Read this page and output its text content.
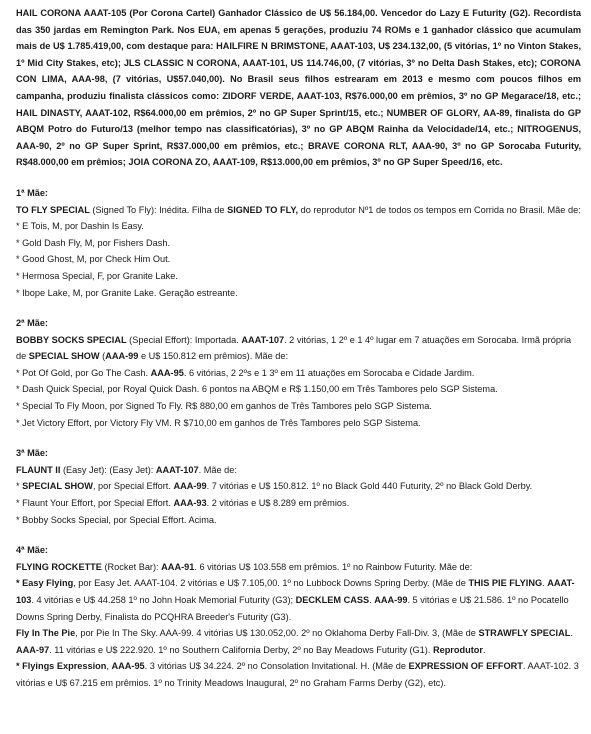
HAIL CORONA AAAT-105 (Por Corona Cartel) Ganhador Clássico de U$ 56.184,00. Vencedor do Lazy E Futurity (G2). Recordista das 350 jardas em Remington Park. Nos EUA, em apenas 5 gerações, produziu 74 ROMs e 1 ganhador clássico que acumulam mais de U$ 1.785.419,00, com destaque para: HAILFIRE N BRIMSTONE, AAAT-103, U$ 234.132,00, (5 vitórias, 1º no Vinton Stakes, 1º Mid City Stakes, etc); JLS CLASSIC N CORONA, AAAT-101, US 114.746,00, (7 vitórias, 3º no Delta Dash Stakes, etc); CORONA CON LIMA, AAA-98, (7 vitórias, U$57.040,00). No Brasil seus filhos estrearam em 2013 e mesmo com poucos filhos em campanha, produziu finalista clássicos como: ZIDORF VERDE, AAAT-103, R$76.000,00 em prêmios, 3º no GP Megarace/18, etc.; HAIL DINASTY, AAAT-102, R$64.000,00 em prêmios, 2º no GP Super Sprint/15, etc.; NUMBER OF GLORY, AA-89, finalista do GP ABQM Potro do Futuro/13 (melhor tempo nas classificatórias), 3º no GP ABQM Rainha da Velocidade/14, etc.; NITROGENUS, AAA-90, 2º no GP Super Sprint, R$37.000,00 em prêmios, etc.; BRAVE CORONA RLT, AAA-90, 3º no GP Sorocaba Futurity, R$48.000,00 em prêmios; JOIA CORONA ZO, AAAT-109, R$13.000,00 em prêmios, 3º no GP Super Speed/16, etc.

1ª Mãe:

TO FLY SPECIAL (Signed To Fly): Inédita. Filha de SIGNED TO FLY, do reprodutor Nº1 de todos os tempos em Corrida no Brasil. Mãe de:

* E Tois, M, por Dashin Is Easy.

* Gold Dash Fly, M, por Fishers Dash.

* Good Ghost, M, por Check Him Out.

* Hermosa Special, F, por Granite Lake.

* Ibope Lake, M, por Granite Lake. Geração estreante.

2ª Mãe:

BOBBY SOCKS SPECIAL (Special Effort): Importada. AAAT-107. 2 vitórias, 1 2º e 1 4º lugar em 7 atuações em Sorocaba. Irmã própria de SPECIAL SHOW (AAA-99 e U$ 150.812 em prêmios). Mãe de:

* Pot Of Gold, por Go The Cash. AAA-95. 6 vitórias, 2 2ºs e 1 3º em 11 atuações em Sorocaba e Cidade Jardim.

* Dash Quick Special, por Royal Quick Dash. 6 pontos na ABQM e R$ 1.150,00 em Três Tambores pelo SGP Sistema.

* Special To Fly Moon, por Signed To Fly. R$ 880,00 em ganhos de Três Tambores pelo SGP Sistema.

* Jet Victory Effort, por Victory Fly VM. R $710,00 em ganhos de Três Tambores pelo SGP Sistema.

3ª Mãe:

FLAUNT II (Easy Jet): (Easy Jet): AAAT-107. Mãe de:

* SPECIAL SHOW, por Special Effort. AAA-99. 7 vitórias e U$ 150.812. 1º no Black Gold 440 Futurity, 2º no Black Gold Derby.

* Flaunt Your Effort, por Special Effort. AAA-93. 2 vitórias e U$ 8.289 em prêmios.

* Bobby Socks Special, por Special Effort. Acima.

4ª Mãe:

FLYING ROCKETTE (Rocket Bar): AAA-91. 6 vitórias U$ 103.558 em prêmios. 1º no Rainbow Futurity. Mãe de:

* Easy Flying, por Easy Jet. AAAT-104. 2 vitórias e U$ 7.105,00. 1º no Lubbock Downs Spring Derby. (Mãe de THIS PIE FLYING. AAAT-103. 4 vitórias e U$ 44.258 1º no John Hoak Memorial Futurity (G3); DECKLEM CASS. AAA-99. 5 vitórias e U$ 21.586. 1º no Pocatello Downs Spring Derby, Finalista do PCQHRA Breeder's Futurity (G3).

Fly In The Pie, por Pie In The Sky. AAA-99. 4 vitórias U$ 130.052,00. 2º no Oklahoma Derby Fall-Div. 3, (Mãe de STRAWFLY SPECIAL. AAA-97. 11 vitórias e U$ 222.920. 1º no Southern California Derby, 2º no Bay Meadows Futurity (G1). Reprodutor.

* Flyings Expression, AAA-95. 3 vitórias U$ 34.224. 2º no Consolation Invitational. H. (Mãe de EXPRESSION OF EFFORT. AAAT-102. 3 vitórias e U$ 67.215 em prêmios. 1º no Trinity Meadows Inaugural, 2º no Graham Farms Derby (G2), etc).
